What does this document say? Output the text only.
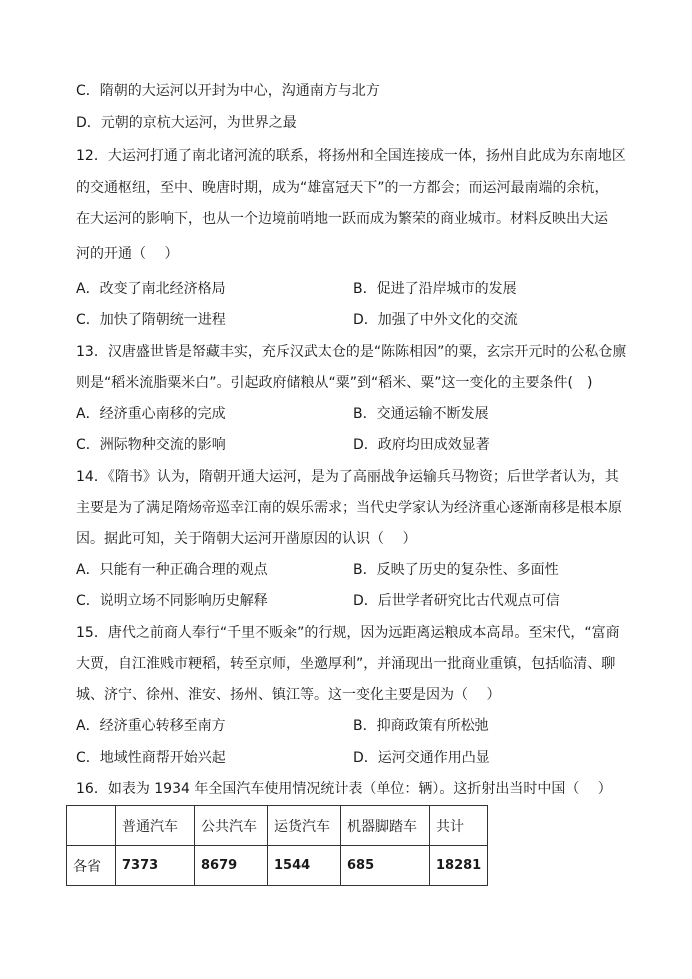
C．隋朝的大运河以开封为中心，沟通南方与北方
D．元朝的京杭大运河，为世界之最
12．大运河打通了南北诸河流的联系，将扬州和全国连接成一体，扬州自此成为东南地区
的交通枢纽，至中、晚唐时期，成为“雄富冠天下”的一方都会；而运河最南端的余杭，
在大运河的影响下，也从一个边境前哨地一跃而成为繁荣的商业城市。材料反映出大运
河的开通（　 ）
A．改变了南北经济格局	B．促进了沿岸城市的发展
C．加快了隋朝统一进程	D．加强了中外文化的交流
13．汉唐盛世皆是帑藏丰实，充斥汉武太仓的是“陈陈相因”的粟，玄宗开元时的公私仓廪
则是“稻米流脂粟米白”。引起政府储粮从“粟”到“稻米、粟”这一变化的主要条件(　)
A．经济重心南移的完成	B．交通运输不断发展
C．洲际物种交流的影响	D．政府均田成效显著
14．《隋书》认为，隋朝开通大运河，是为了高丽战争运输兵马物资；后世学者认为，其
主要是为了满足隋炀帝巡幸江南的娱乐需求；当代史学家认为经济重心逐渐南移是根本原
因。据此可知，关于隋朝大运河开凿原因的认识（　 ）
A．只能有一种正确合理的观点	B．反映了历史的复杂性、多面性
C．说明立场不同影响历史解释	D．后世学者研究比古代观点可信
15．唐代之前商人奉行“千里不贩籴”的行规，因为远距离运粮成本高昂。至宋代，“富商
大贾，自江淮贱市粳稻，转至京师，坐邀厚利”，并涌现出一批商业重镇，包括临清、聊
城、济宁、徐州、淮安、扬州、镇江等。这一变化主要是因为（　 ）
A．经济重心转移至南方	B．抑商政策有所松弛
C．地域性商帮开始兴起	D．运河交通作用凸显
16．如表为 1934 年全国汽车使用情况统计表（单位：辆）。这折射出当时中国（　 ）
	普通汽车	公共汽车	运货汽车	机器脚踏车	共计
各省	7373	8679	1544	685	18281
